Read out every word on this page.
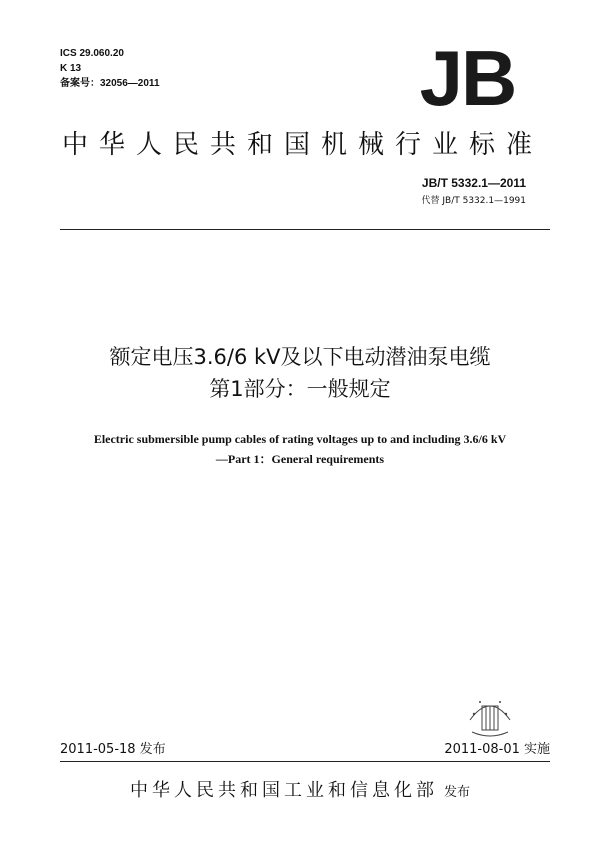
ICS 29.060.20
K 13
备案号：32056—2011	JB
中华人民共和国机械行业标准
JB/T 5332.1—2011
代替 JB/T 5332.1—1991
额定电压3.6/6 kV及以下电动潜油泵电缆
第1部分：一般规定
Electric submersible pump cables of rating voltages up to and including 3.6/6 kV
—Part 1：General requirements
2011-05-18 发布	2011-08-01 实施
中华人民共和国工业和信息化部 发布
